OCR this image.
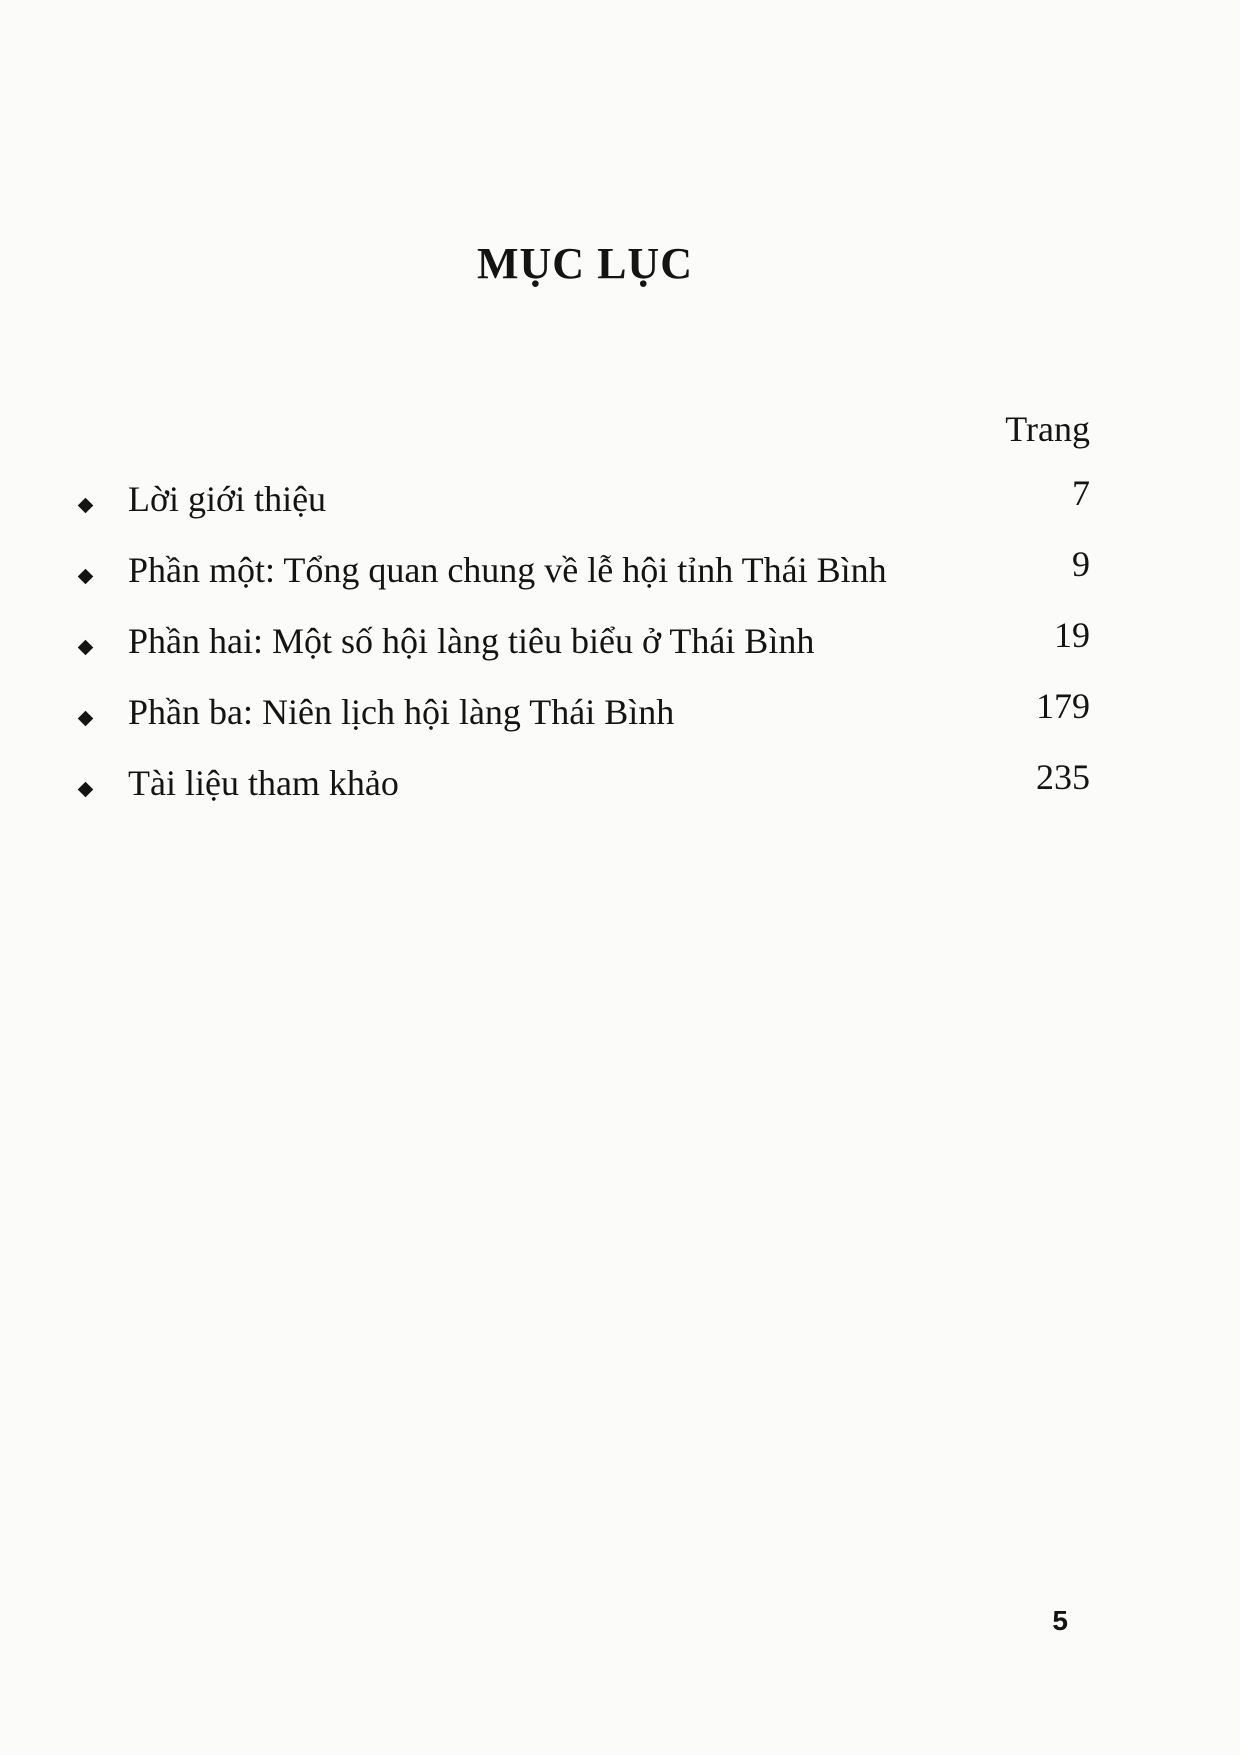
MỤC LỤC
Trang
Lời giới thiệu	7
Phần một: Tổng quan chung về lễ hội tỉnh Thái Bình	9
Phần hai: Một số hội làng tiêu biểu ở Thái Bình	19
Phần ba: Niên lịch hội làng Thái Bình	179
Tài liệu tham khảo	235
5
